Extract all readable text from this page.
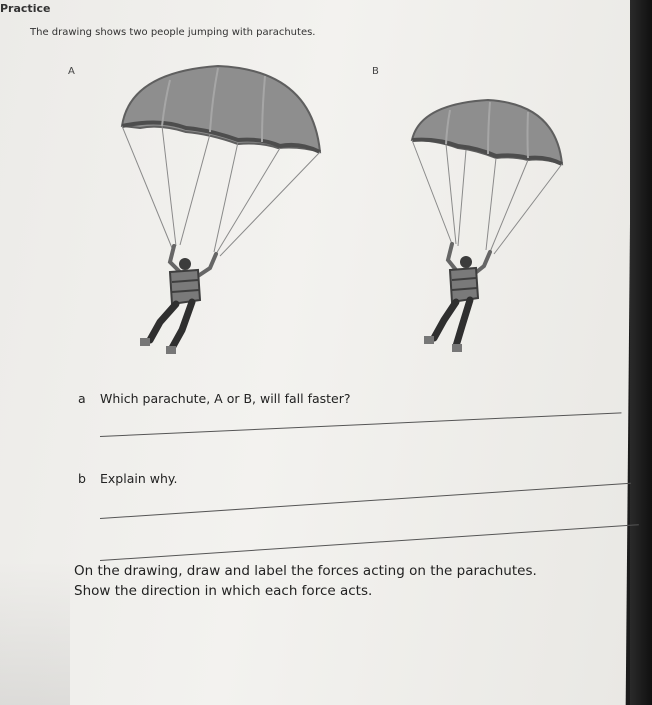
Practice
The drawing shows two people jumping with parachutes.
A	B
a Which parachute, A or B, will fall faster?
b Explain why.
On the drawing, draw and label the forces acting on the parachutes.
Show the direction in which each force acts.
